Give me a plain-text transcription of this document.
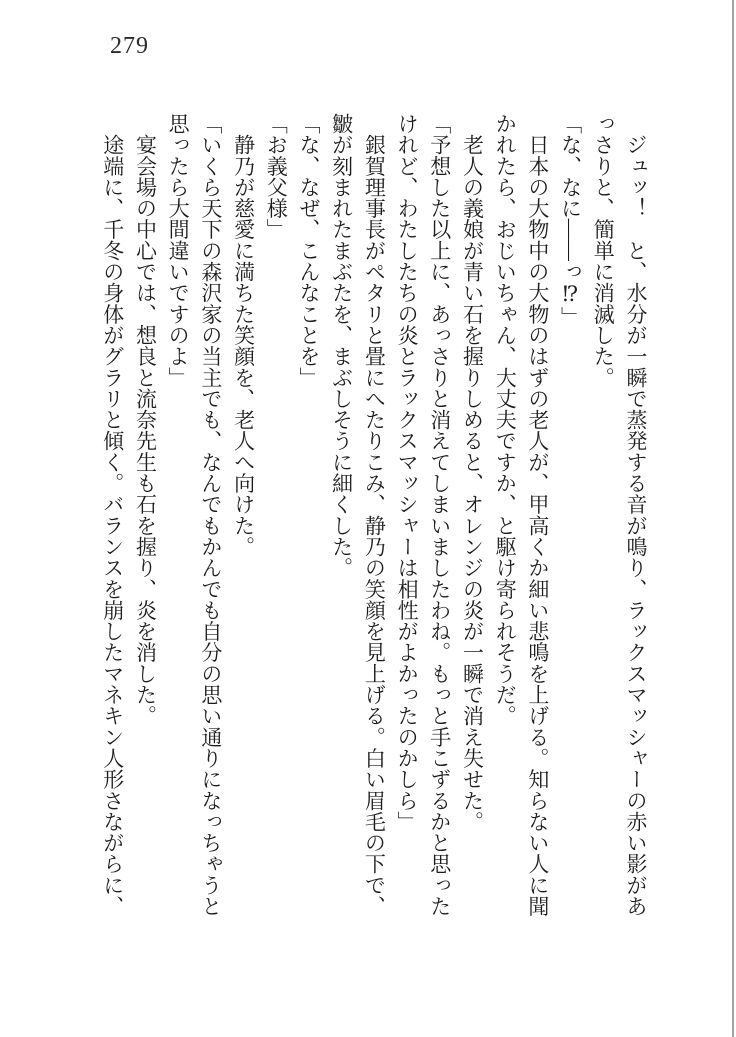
279

　ジュッ！　と、水分が一瞬で蒸発する音が鳴り、ラックスマッシャーの赤い影があ

っさりと、簡単に消滅した。

「な、なに――っ⁉」

　日本の大物中の大物のはずの老人が、甲高くか細い悲鳴を上げる。知らない人に聞

かれたら、おじいちゃん、大丈夫ですか、と駆け寄られそうだ。

　老人の義娘が青い石を握りしめると、オレンジの炎が一瞬で消え失せた。

「予想した以上に、あっさりと消えてしまいましたわね。もっと手こずるかと思った

けれど、わたしたちの炎とラックスマッシャーは相性がよかったのかしら」

　銀賀理事長がペタリと畳にへたりこみ、静乃の笑顔を見上げる。白い眉毛の下で、

皺が刻まれたまぶたを、まぶしそうに細くした。

「な、なぜ、こんなことを」

「お義父様」

　静乃が慈愛に満ちた笑顔を、老人へ向けた。

「いくら天下の森沢家の当主でも、なんでもかんでも自分の思い通りになっちゃうと

思ったら大間違いですのよ」

　宴会場の中心では、想良と流奈先生も石を握り、炎を消した。

　途端に、千冬の身体がグラリと傾く。バランスを崩したマネキン人形さながらに、
